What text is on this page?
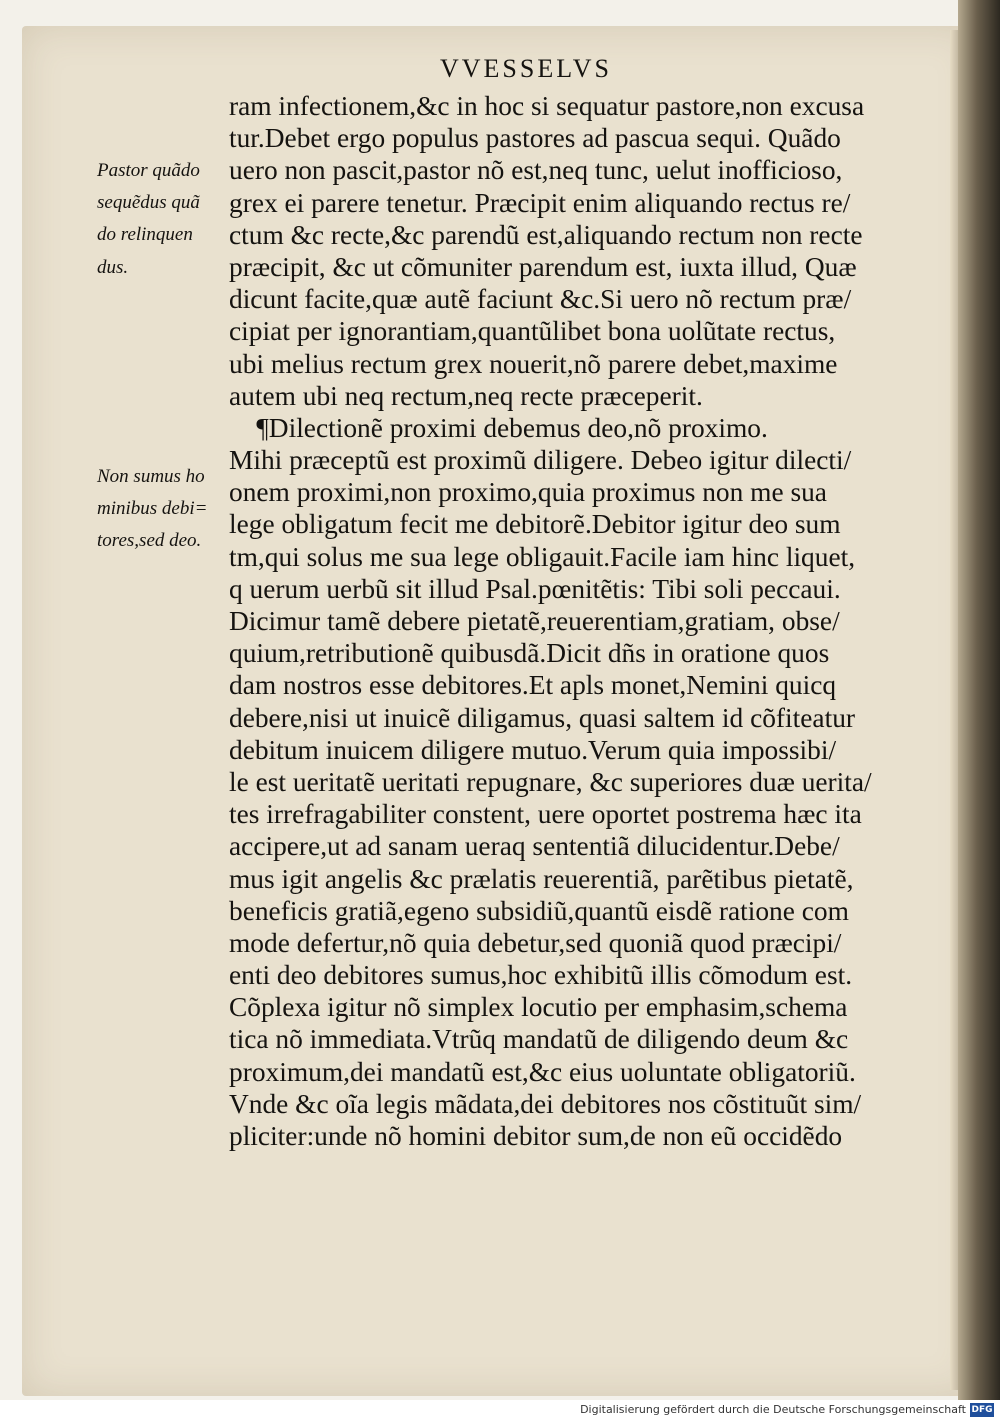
VVESSELVS
ram infectionem,&c in hoc si sequatur pastore,non excusa
tur.Debet ergo populus pastores ad pascua sequi. Quãdo
uero non pascit,pastor nõ est,neq tunc, uelut inofficioso,
grex ei parere tenetur. Præcipit enim aliquando rectus re/
ctum &c recte,&c parendũ est,aliquando rectum non recte
præcipit, &c ut cõmuniter parendum est, iuxta illud, Quæ
dicunt facite,quæ autẽ faciunt &c.Si uero nõ rectum præ/
cipiat per ignorantiam,quantũlibet bona uolũtate rectus,
ubi melius rectum grex nouerit,nõ parere debet,maxime
autem ubi neq rectum,neq recte præceperit.
¶Dilectionẽ proximi debemus deo,nõ proximo.
Mihi præceptũ est proximũ diligere. Debeo igitur dilecti/
onem proximi,non proximo,quia proximus non me sua
lege obligatum fecit me debitorẽ.Debitor igitur deo sum
tm,qui solus me sua lege obligauit.Facile iam hinc liquet,
q uerum uerbũ sit illud Psal.pœnitẽtis: Tibi soli peccaui.
Dicimur tamẽ debere pietatẽ,reuerentiam,gratiam, obse/
quium,retributionẽ quibusdã.Dicit dñs in oratione quos
dam nostros esse debitores.Et apls monet,Nemini quicq
debere,nisi ut inuicẽ diligamus, quasi saltem id cõfiteatur
debitum inuicem diligere mutuo.Verum quia impossibi/
le est ueritatẽ ueritati repugnare, &c superiores duæ uerita/
tes irrefragabiliter constent, uere oportet postrema hæc ita
accipere,ut ad sanam ueraq sententiã dilucidentur.Debe/
mus igit angelis &c prælatis reuerentiã, parẽtibus pietatẽ,
beneficis gratiã,egeno subsidiũ,quantũ eisdẽ ratione com
mode defertur,nõ quia debetur,sed quoniã quod præcipi/
enti deo debitores sumus,hoc exhibitũ illis cõmodum est.
Cõplexa igitur nõ simplex locutio per emphasim,schema
tica nõ immediata.Vtrũq mandatũ de diligendo deum &c
proximum,dei mandatũ est,&c eius uoluntate obligatoriũ.
Vnde &c oĩa legis mãdata,dei debitores nos cõstituũt sim/
pliciter:unde nõ homini debitor sum,de non eũ occidẽdo
Pastor quãdo
sequẽdus quã
do relinquen
dus.
Non sumus ho
minibus debi=
tores,sed deo.
Digitalisierung gefördert durch die Deutsche Forschungsgemeinschaft DFG
